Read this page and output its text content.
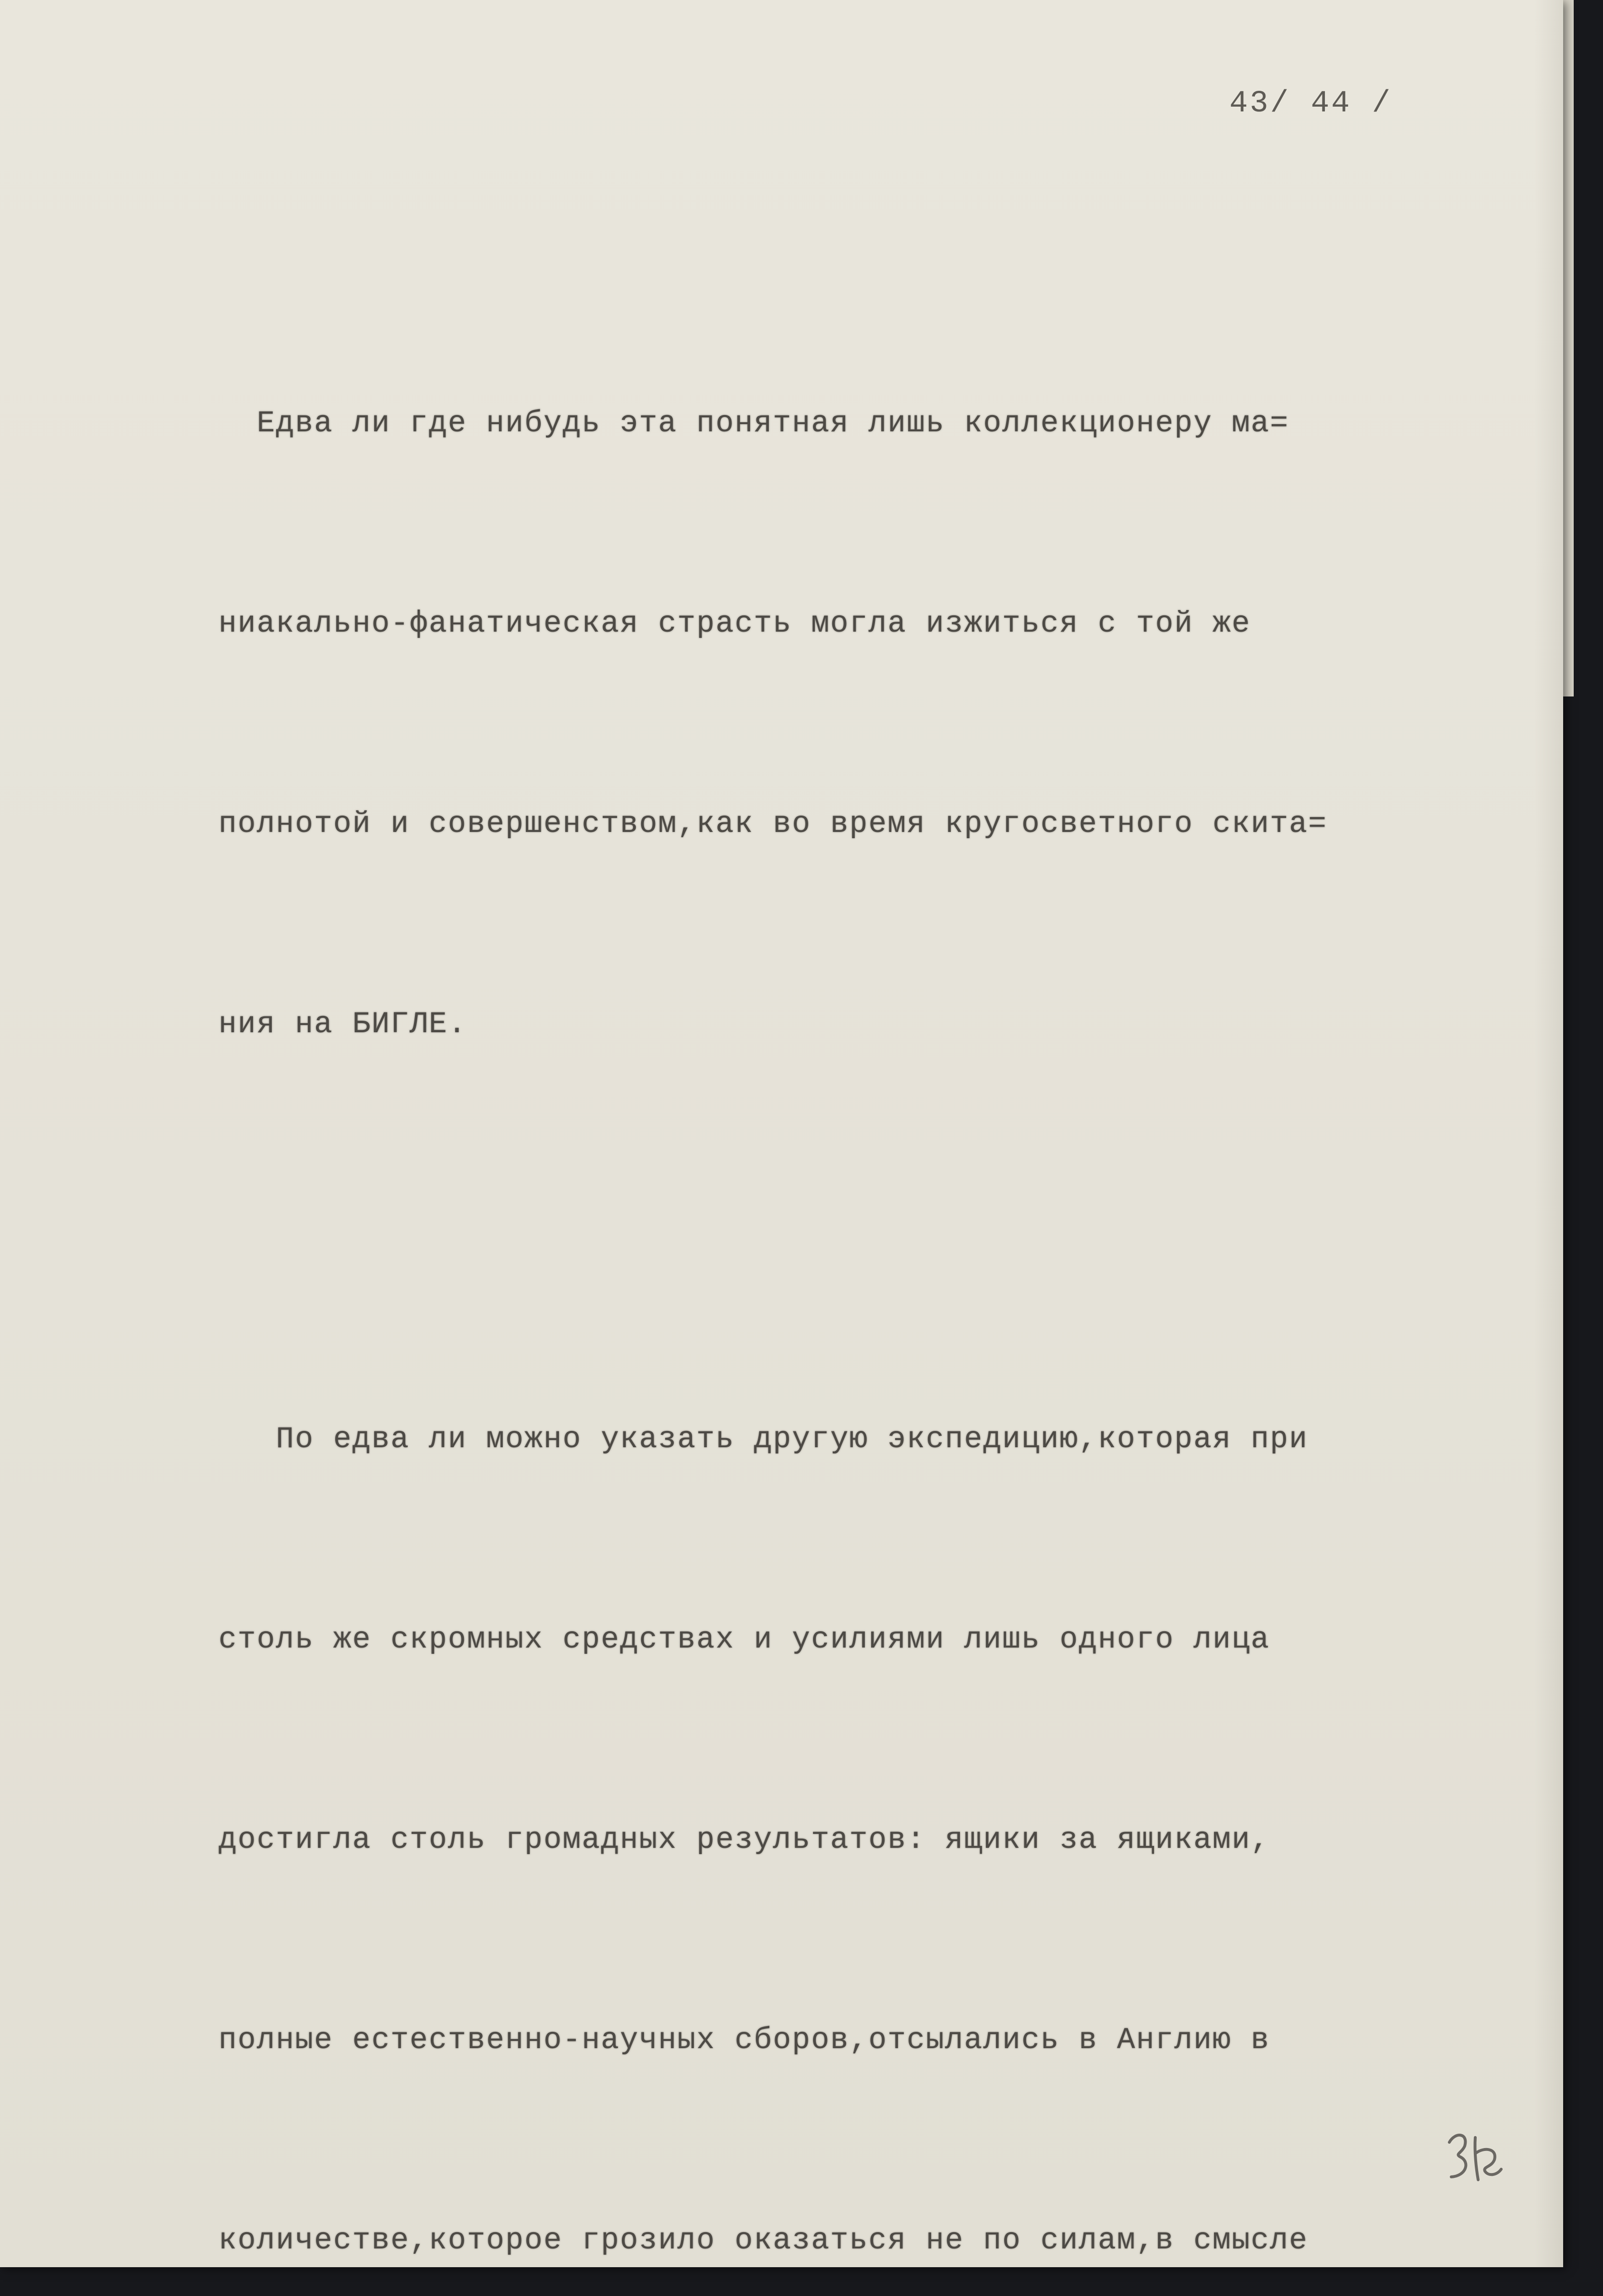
43/ 44 /

Едва ли где нибудь эта понятная лишь коллекционеру ма=

ниакально-фанатическая страсть могла изжиться с той же

полнотой и совершенством,как во время кругосветного скита=

ния на БИГЛЕ.

По едва ли можно указать другую экспедицию,которая при

столь же скромных средствах и усилиями лишь одного лица

достигла столь громадных результатов: ящики за ящиками,

полные естественно-научных сборов,отсылались в Англию в

количестве,которое грозило оказаться не по силам,в смысле
